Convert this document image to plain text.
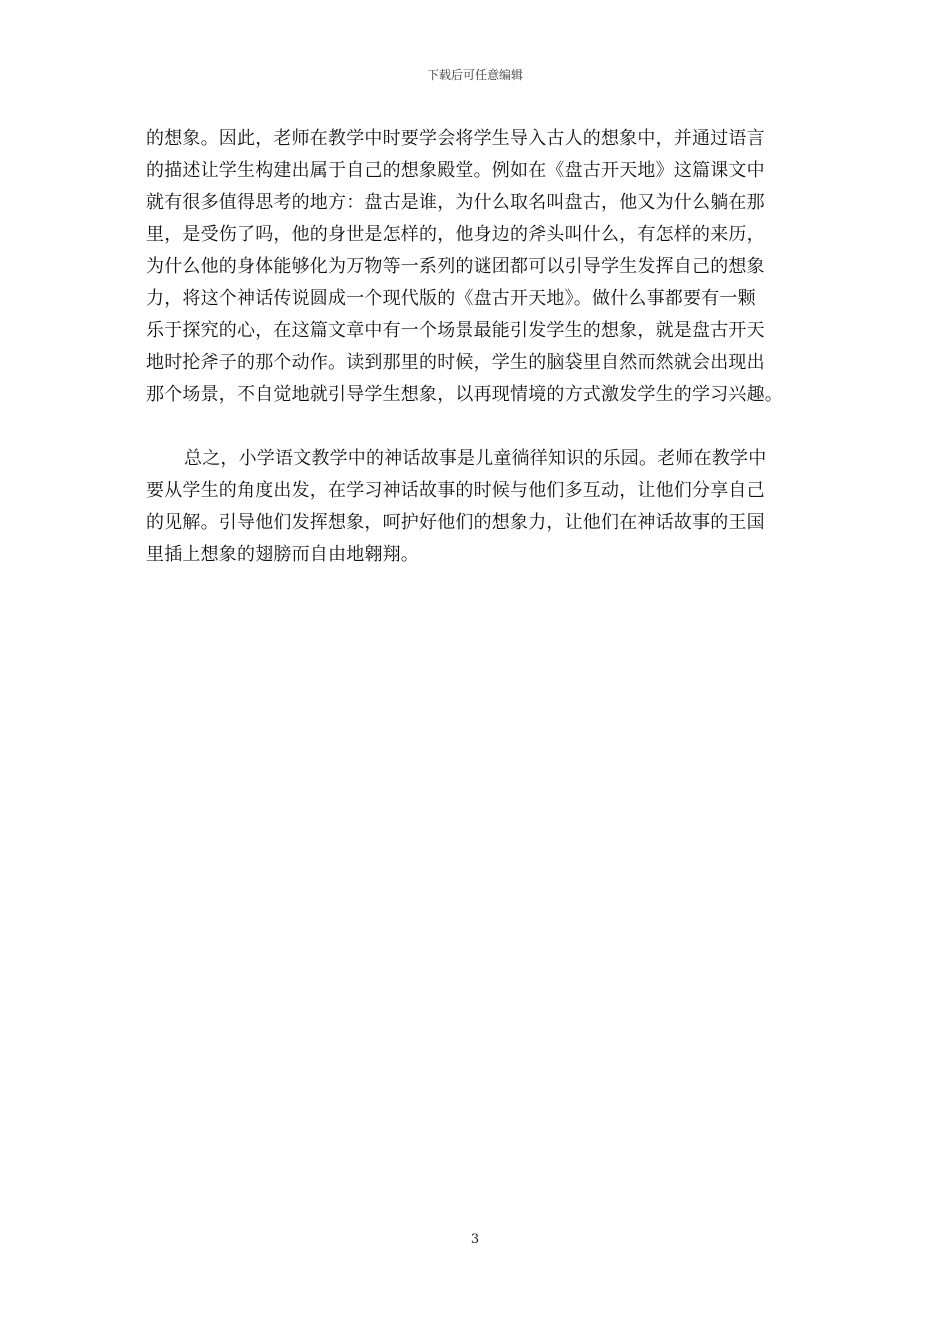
下载后可任意编辑
的想象。因此，老师在教学中时要学会将学生导入古人的想象中，并通过语言
的描述让学生构建出属于自己的想象殿堂。例如在《盘古开天地》这篇课文中
就有很多值得思考的地方：盘古是谁，为什么取名叫盘古，他又为什么躺在那
里，是受伤了吗，他的身世是怎样的，他身边的斧头叫什么，有怎样的来历，
为什么他的身体能够化为万物等一系列的谜团都可以引导学生发挥自己的想象
力，将这个神话传说圆成一个现代版的《盘古开天地》。做什么事都要有一颗
乐于探究的心，在这篇文章中有一个场景最能引发学生的想象，就是盘古开天
地时抡斧子的那个动作。读到那里的时候，学生的脑袋里自然而然就会出现出
那个场景，不自觉地就引导学生想象，以再现情境的方式激发学生的学习兴趣。
总之，小学语文教学中的神话故事是儿童徜徉知识的乐园。老师在教学中
要从学生的角度出发，在学习神话故事的时候与他们多互动，让他们分享自己
的见解。引导他们发挥想象，呵护好他们的想象力，让他们在神话故事的王国
里插上想象的翅膀而自由地翱翔。
3
